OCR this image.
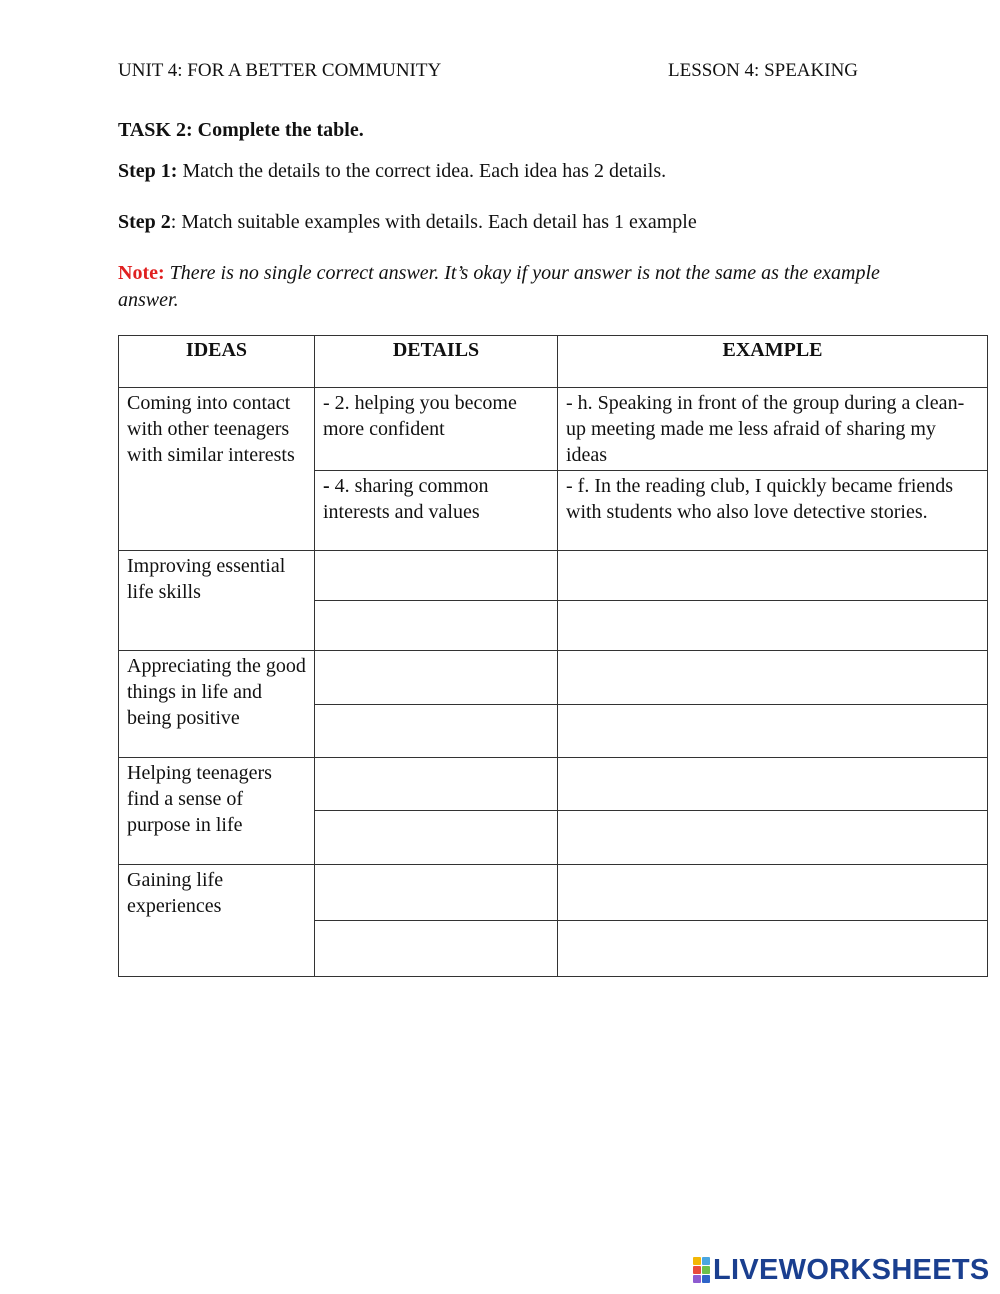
UNIT 4: FOR A BETTER COMMUNITY	LESSON 4: SPEAKING
TASK 2: Complete the table.
Step 1: Match the details to the correct idea. Each idea has 2 details.
Step 2: Match suitable examples with details. Each detail has 1 example
Note: There is no single correct answer. It’s okay if your answer is not the same as the example answer.
IDEAS	DETAILS	EXAMPLE
Coming into contact with other teenagers with similar interests	- 2. helping you become more confident	- h. Speaking in front of the group during a clean-up meeting made me less afraid of sharing my ideas
	- 4. sharing common interests and values	- f. In the reading club, I quickly became friends with students who also love detective stories.
Improving essential life skills		

Appreciating the good things in life and being positive		

Helping teenagers find a sense of purpose in life		

Gaining life experiences		

LIVEWORKSHEETS
